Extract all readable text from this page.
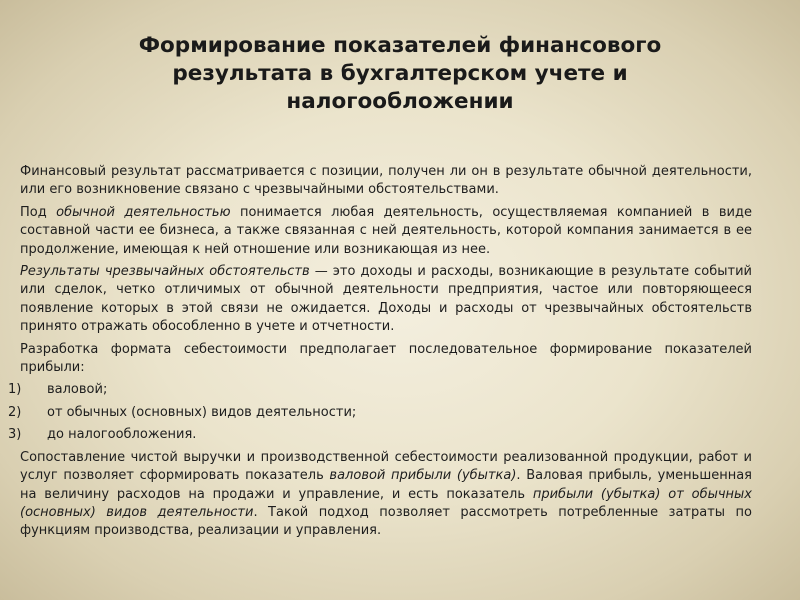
Формирование показателей финансового
результата в бухгалтерском учете и
налогообложении

Финансовый результат рассматривается с позиции, получен ли он в результате обычной деятельности, или его возникновение связано с чрезвычайными обстоятельствами.

Под обычной деятельностью понимается любая деятельность, осуществляемая компанией в виде составной части ее бизнеса, а также связанная с ней деятельность, которой компания занимается в ее продолжение, имеющая к ней отношение или возникающая из нее.

Результаты чрезвычайных обстоятельств — это доходы и расходы, возникающие в результате событий или сделок, четко отличимых от обычной деятельности предприятия, частое или повторяющееся появление которых в этой связи не ожидается. Доходы и расходы от чрезвычайных обстоятельств принято отражать обособленно в учете и отчетности.

Разработка формата себестоимости предполагает последовательное формирование показателей прибыли:

1) валовой;
2) от обычных (основных) видов деятельности;
3) до налогообложения.

Сопоставление чистой выручки и производственной себестоимости реализованной продукции, работ и услуг позволяет сформировать показатель валовой прибыли (убытка). Валовая прибыль, уменьшенная на величину расходов на продажи и управление, и есть показатель прибыли (убытка) от обычных (основных) видов деятельности. Такой подход позволяет рассмотреть потребленные затраты по функциям производства, реализации и управления.
